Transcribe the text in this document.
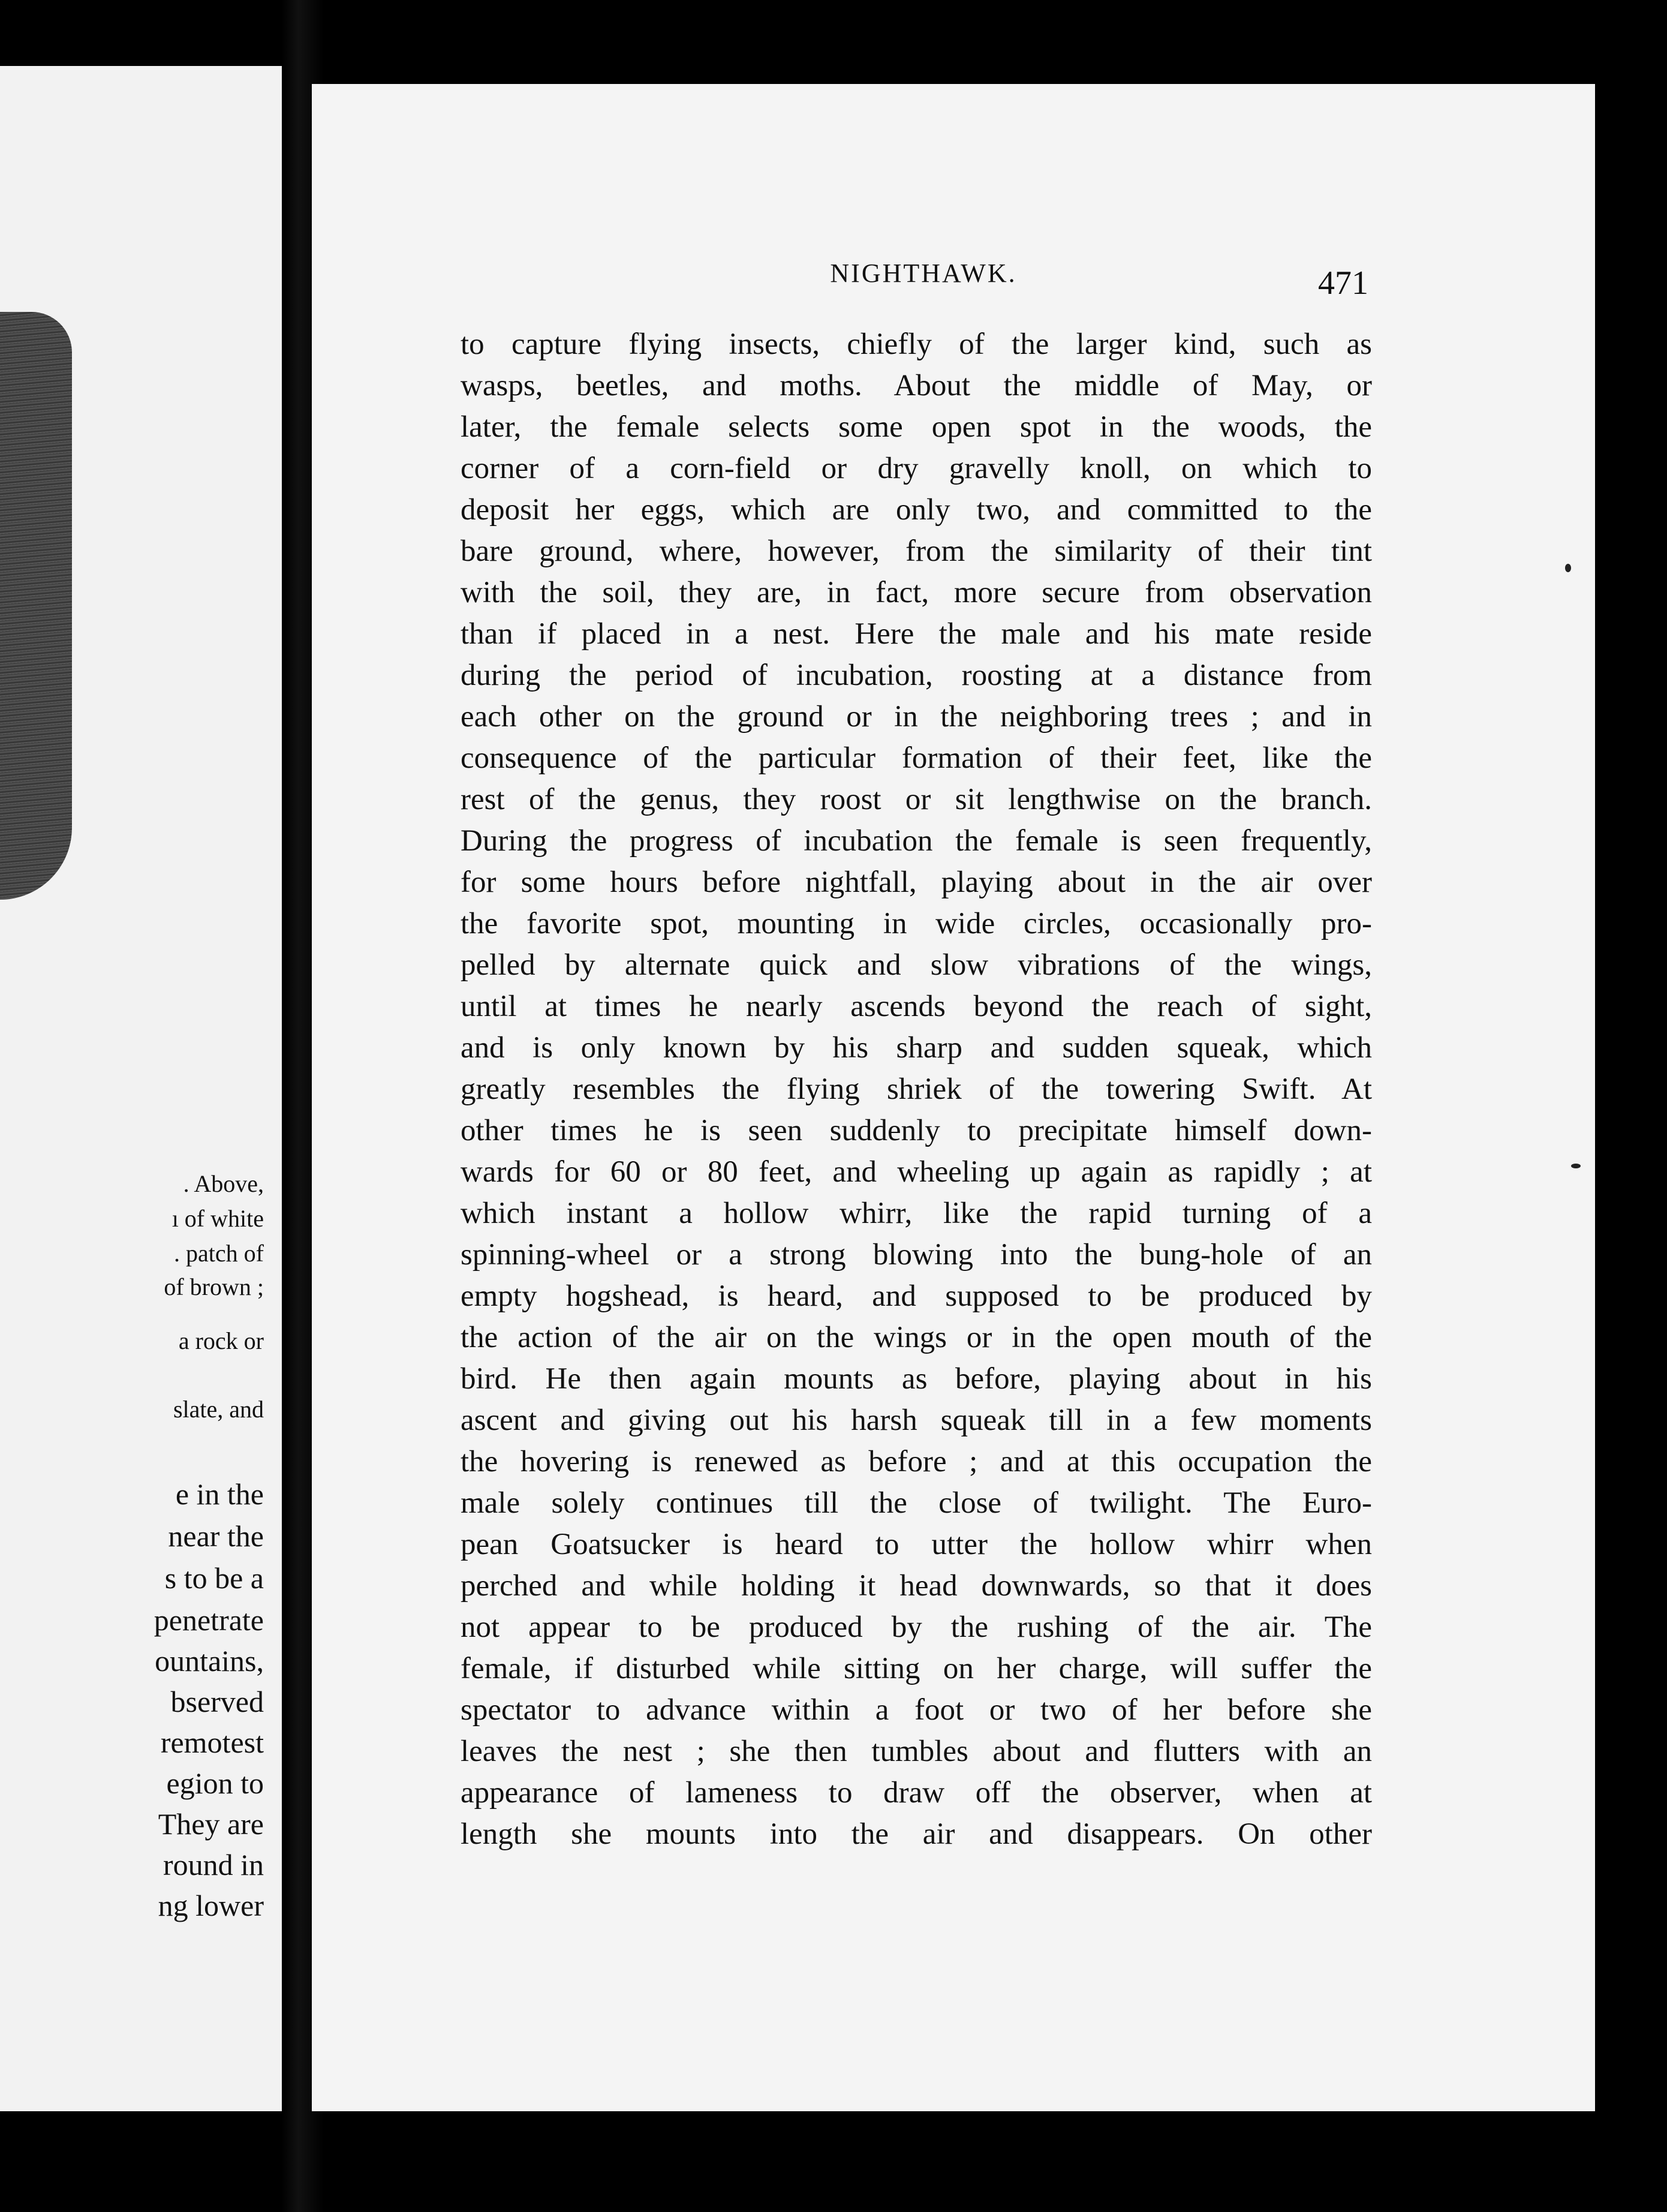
. Above,
ı of white
. patch of
of brown ;
a rock or
slate, and
e in the
near the
s to be a
penetrate
ountains,
bserved
remotest
egion to
They are
round in
ng lower
NIGHTHAWK.	471
to capture flying insects, chiefly of the larger kind, such as
wasps, beetles, and moths. About the middle of May, or
later, the female selects some open spot in the woods, the
corner of a corn-field or dry gravelly knoll, on which to
deposit her eggs, which are only two, and committed to the
bare ground, where, however, from the similarity of their tint
with the soil, they are, in fact, more secure from observation
than if placed in a nest. Here the male and his mate reside
during the period of incubation, roosting at a distance from
each other on the ground or in the neighboring trees ; and in
consequence of the particular formation of their feet, like the
rest of the genus, they roost or sit lengthwise on the branch.
During the progress of incubation the female is seen frequently,
for some hours before nightfall, playing about in the air over
the favorite spot, mounting in wide circles, occasionally pro-
pelled by alternate quick and slow vibrations of the wings,
until at times he nearly ascends beyond the reach of sight,
and is only known by his sharp and sudden squeak, which
greatly resembles the flying shriek of the towering Swift. At
other times he is seen suddenly to precipitate himself down-
wards for 60 or 80 feet, and wheeling up again as rapidly ; at
which instant a hollow whirr, like the rapid turning of a
spinning-wheel or a strong blowing into the bung-hole of an
empty hogshead, is heard, and supposed to be produced by
the action of the air on the wings or in the open mouth of the
bird. He then again mounts as before, playing about in his
ascent and giving out his harsh squeak till in a few moments
the hovering is renewed as before ; and at this occupation the
male solely continues till the close of twilight. The Euro-
pean Goatsucker is heard to utter the hollow whirr when
perched and while holding it head downwards, so that it does
not appear to be produced by the rushing of the air. The
female, if disturbed while sitting on her charge, will suffer the
spectator to advance within a foot or two of her before she
leaves the nest ; she then tumbles about and flutters with an
appearance of lameness to draw off the observer, when at
length she mounts into the air and disappears. On other
